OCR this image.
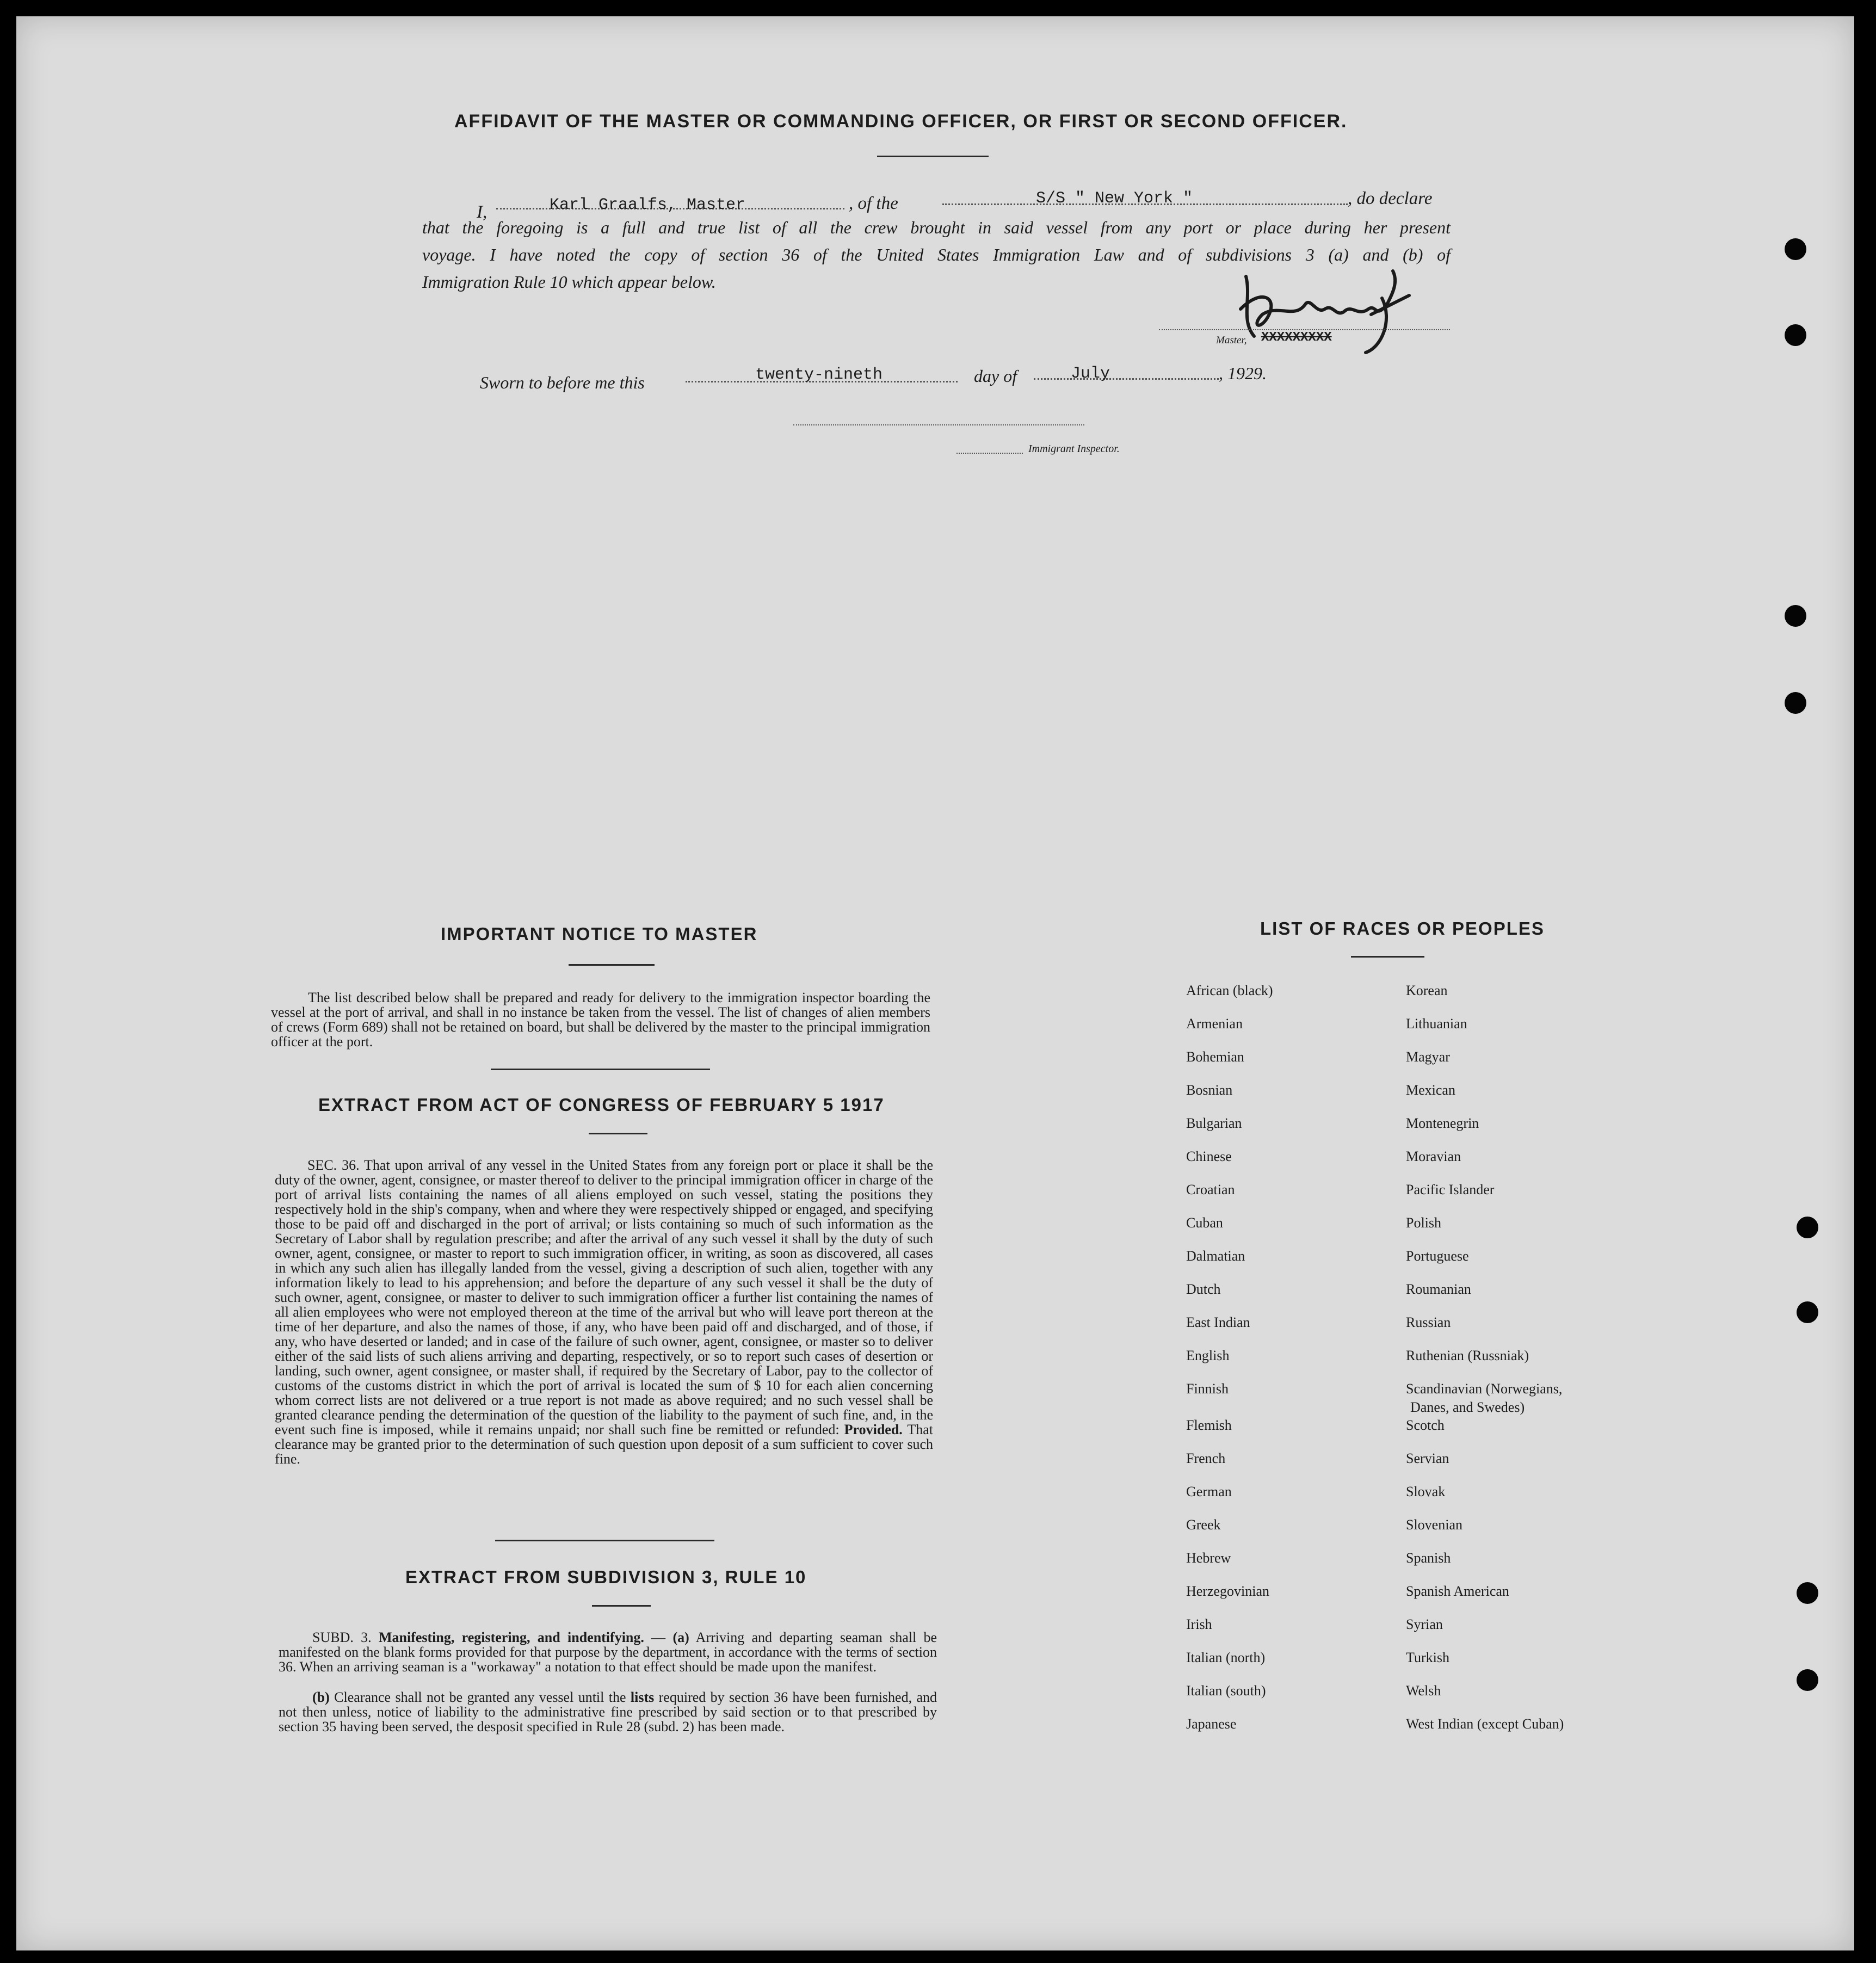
AFFIDAVIT OF THE MASTER OR COMMANDING OFFICER, OR FIRST OR SECOND OFFICER.
I,	Karl Graalfs, Master	, of the	S/S " New York "	, do declare
that the foregoing is a full and true list of all the crew brought in said vessel from any port or place during her present
voyage. I have noted the copy of section 36 of the United States Immigration Law and of subdivisions 3 (a) and (b) of
Immigration Rule 10 which appear below.
Master, XXXXXXXXX
Sworn to before me this	twenty-nineth	day of	July	, 1929.
Immigrant Inspector.
IMPORTANT NOTICE TO MASTER
The list described below shall be prepared and ready for delivery to the immigration inspector boarding the vessel at the port of arrival, and shall in no instance be taken from the vessel. The list of changes of alien members of crews (Form 689) shall not be retained on board, but shall be delivered by the master to the principal immigration officer at the port.
EXTRACT FROM ACT OF CONGRESS OF FEBRUARY 5 1917
SEC. 36. That upon arrival of any vessel in the United States from any foreign port or place it shall be the duty of the owner, agent, consignee, or master thereof to deliver to the principal immigration officer in charge of the port of arrival lists containing the names of all aliens employed on such vessel, stating the positions they respectively hold in the ship's company, when and where they were respectively shipped or engaged, and specifying those to be paid off and discharged in the port of arrival; or lists containing so much of such information as the Secretary of Labor shall by regulation prescribe; and after the arrival of any such vessel it shall by the duty of such owner, agent, consignee, or master to report to such immigration officer, in writing, as soon as discovered, all cases in which any such alien has illegally landed from the vessel, giving a description of such alien, together with any information likely to lead to his apprehension; and before the departure of any such vessel it shall be the duty of such owner, agent, consignee, or master to deliver to such immigration officer a further list containing the names of all alien employees who were not employed thereon at the time of the arrival but who will leave port thereon at the time of her departure, and also the names of those, if any, who have been paid off and discharged, and of those, if any, who have deserted or landed; and in case of the failure of such owner, agent, consignee, or master so to deliver either of the said lists of such aliens arriving and departing, respectively, or so to report such cases of desertion or landing, such owner, agent consignee, or master shall, if required by the Secretary of Labor, pay to the collector of customs of the customs district in which the port of arrival is located the sum of $ 10 for each alien concerning whom correct lists are not delivered or a true report is not made as above required; and no such vessel shall be granted clearance pending the determination of the question of the liability to the payment of such fine, and, in the event such fine is imposed, while it remains unpaid; nor shall such fine be remitted or refunded: Provided. That clearance may be granted prior to the determination of such question upon deposit of a sum sufficient to cover such fine.
EXTRACT FROM SUBDIVISION 3, RULE 10
SUBD. 3. Manifesting, registering, and indentifying. — (a) Arriving and departing seaman shall be manifested on the blank forms provided for that purpose by the department, in accordance with the terms of section 36. When an arriving seaman is a "workaway" a notation to that effect should be made upon the manifest.
(b) Clearance shall not be granted any vessel until the lists required by section 36 have been furnished, and not then unless, notice of liability to the administrative fine prescribed by said section or to that prescribed by section 35 having been served, the desposit specified in Rule 28 (subd. 2) has been made.
LIST OF RACES OR PEOPLES
African (black)
Armenian
Bohemian
Bosnian
Bulgarian
Chinese
Croatian
Cuban
Dalmatian
Dutch
East Indian
English
Finnish
Flemish
French
German
Greek
Hebrew
Herzegovinian
Irish
Italian (north)
Italian (south)
Japanese
Korean
Lithuanian
Magyar
Mexican
Montenegrin
Moravian
Pacific Islander
Polish
Portuguese
Roumanian
Russian
Ruthenian (Russniak)
Scandinavian (Norwegians,
Scotch
Servian
Slovak
Slovenian
Spanish
Spanish American
Syrian
Turkish
Welsh
West Indian (except Cuban)
Danes, and Swedes)
